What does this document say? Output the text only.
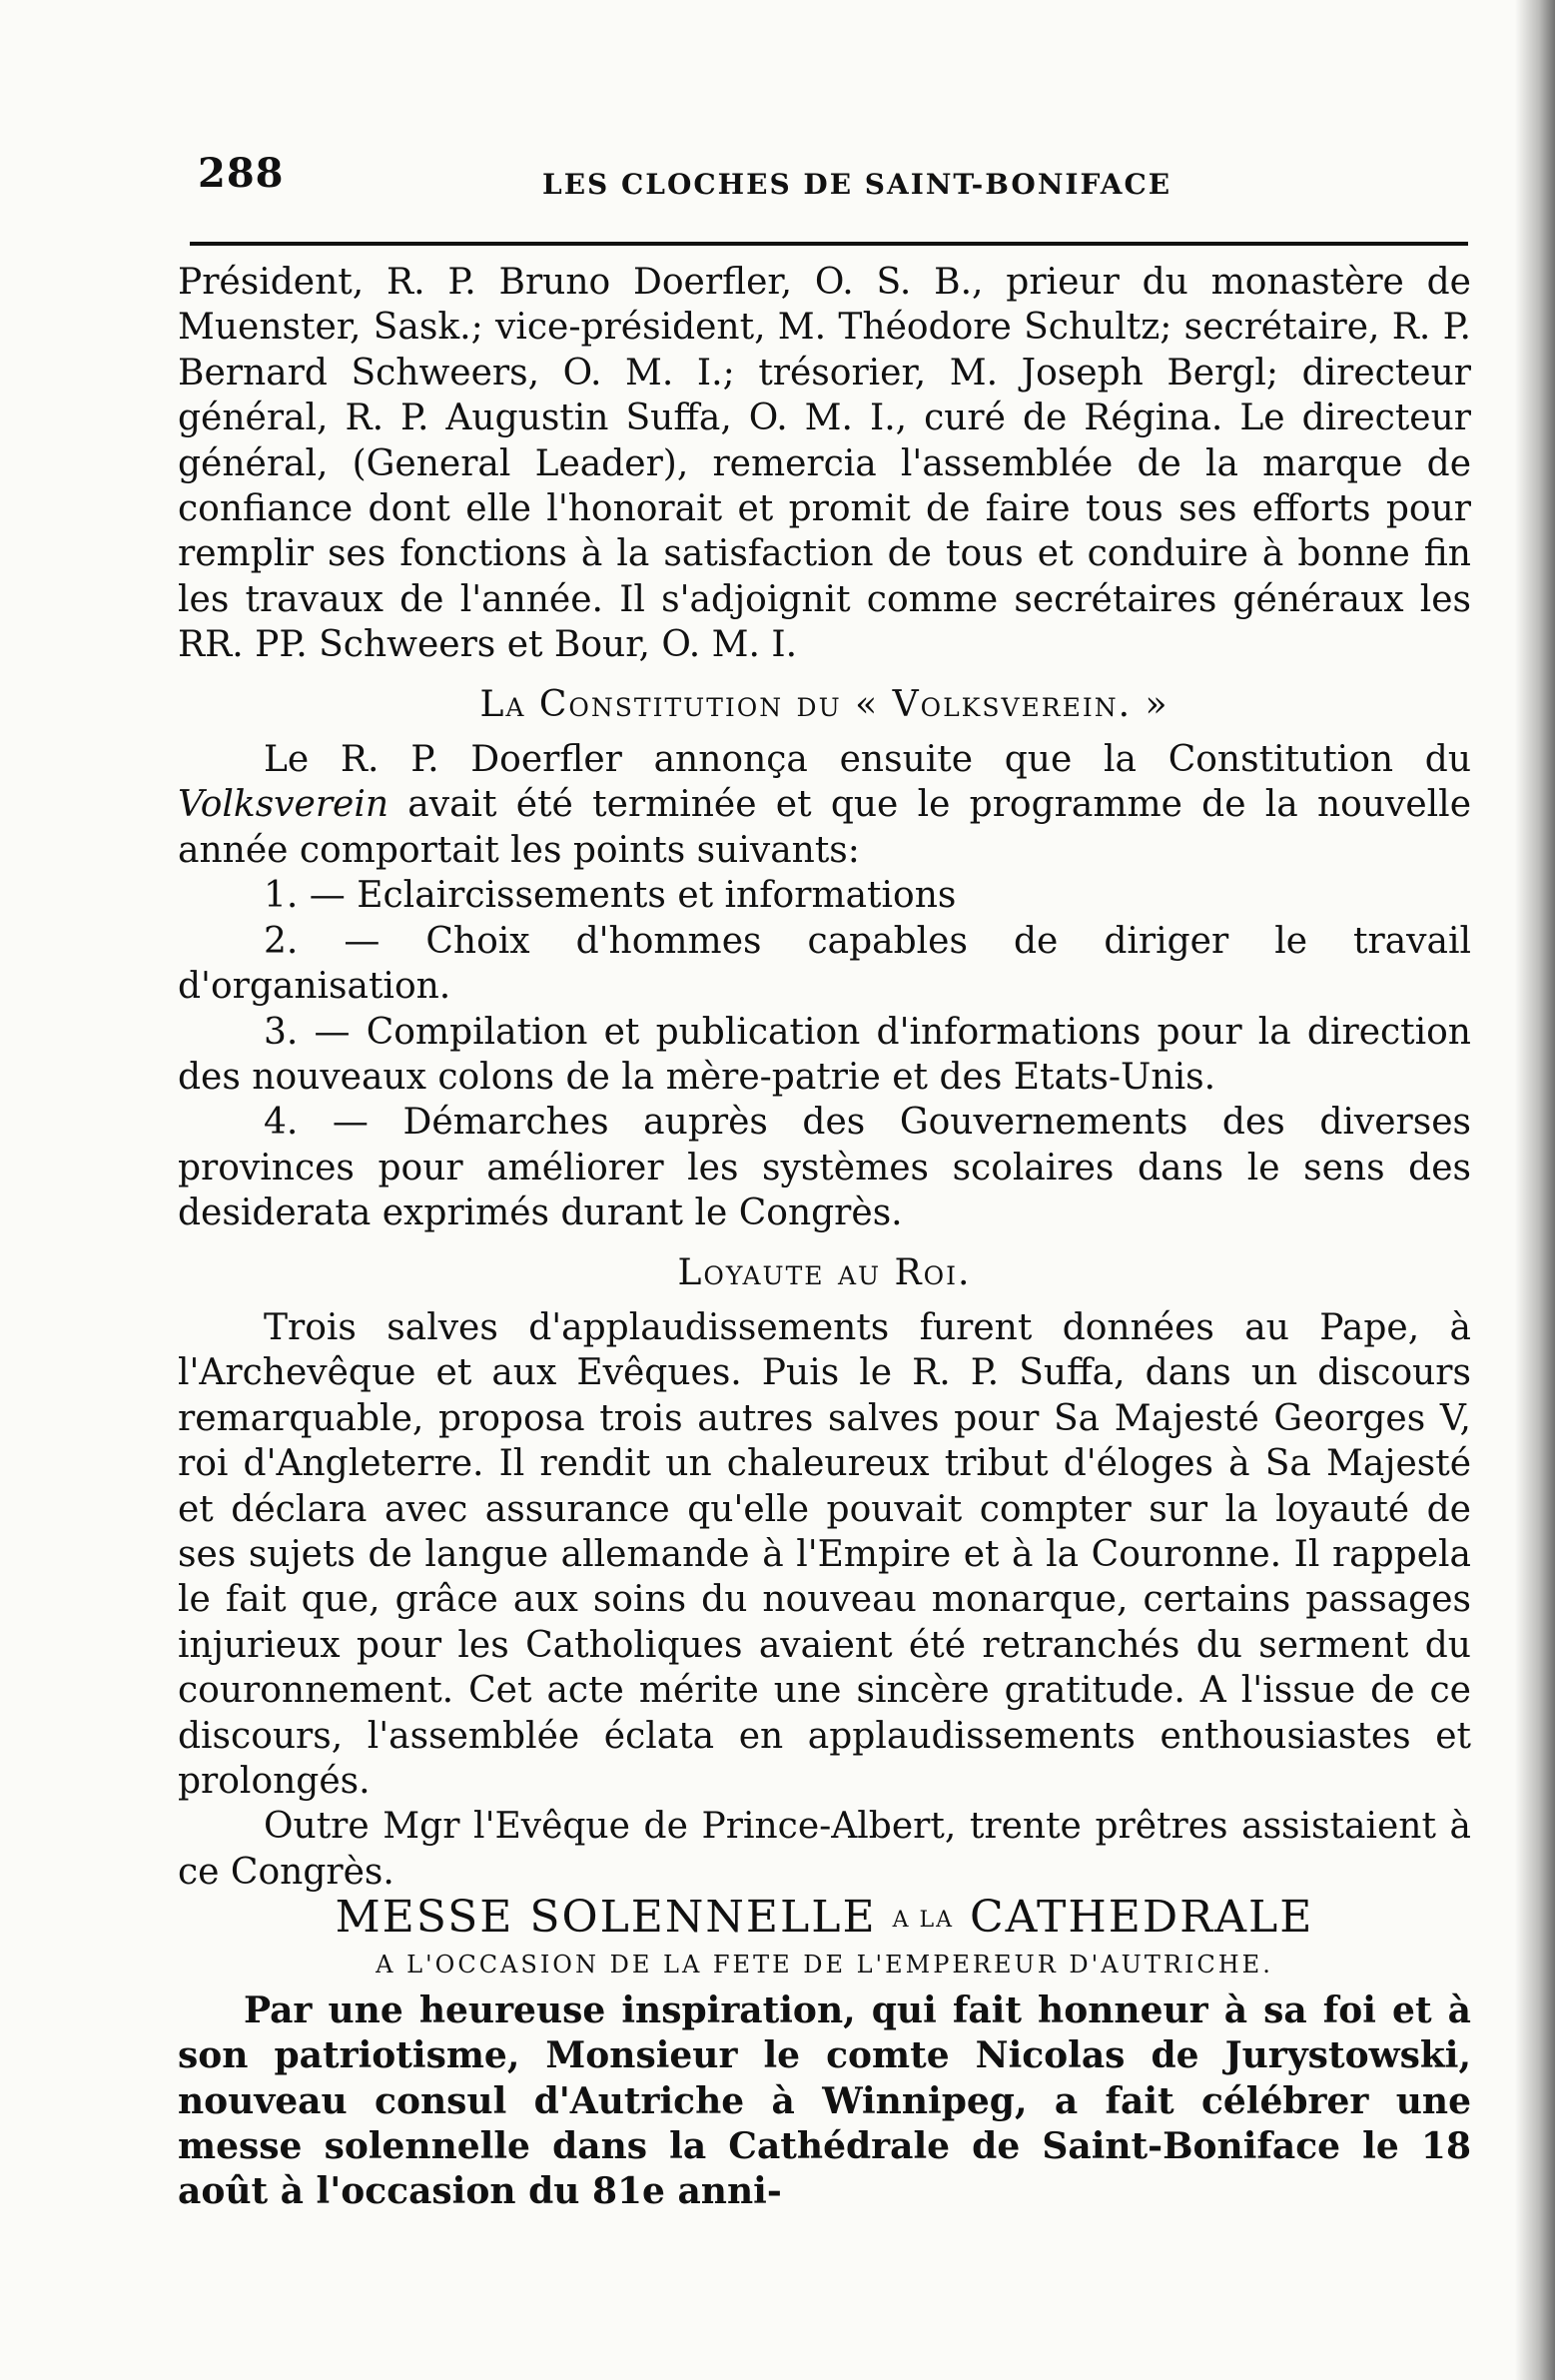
288	LES CLOCHES DE SAINT-BONIFACE

Président, R. P. Bruno Doerfler, O. S. B., prieur du monastère de Muenster, Sask.; vice-président, M. Théodore Schultz; secrétaire, R. P. Bernard Schweers, O. M. I.; trésorier, M. Joseph Bergl; directeur général, R. P. Augustin Suffa, O. M. I., curé de Régina. Le directeur général, (General Leader), remercia l'assemblée de la marque de confiance dont elle l'honorait et promit de faire tous ses efforts pour remplir ses fonctions à la satisfaction de tous et conduire à bonne fin les travaux de l'année. Il s'adjoignit comme secrétaires généraux les RR. PP. Schweers et Bour, O. M. I.

La Constitution du « Volksverein. »

Le R. P. Doerfler annonça ensuite que la Constitution du Volksverein avait été terminée et que le programme de la nouvelle année comportait les points suivants:

1. — Eclaircissements et informations

2. — Choix d'hommes capables de diriger le travail d'organisation.

3. — Compilation et publication d'informations pour la direction des nouveaux colons de la mère-patrie et des Etats-Unis.

4. — Démarches auprès des Gouvernements des diverses provinces pour améliorer les systèmes scolaires dans le sens des desiderata exprimés durant le Congrès.

Loyaute au Roi.

Trois salves d'applaudissements furent données au Pape, à l'Archevêque et aux Evêques. Puis le R. P. Suffa, dans un discours remarquable, proposa trois autres salves pour Sa Majesté Georges V, roi d'Angleterre. Il rendit un chaleureux tribut d'éloges à Sa Majesté et déclara avec assurance qu'elle pouvait compter sur la loyauté de ses sujets de langue allemande à l'Empire et à la Couronne. Il rappela le fait que, grâce aux soins du nouveau monarque, certains passages injurieux pour les Catholiques avaient été retranchés du serment du couronnement. Cet acte mérite une sincère gratitude. A l'issue de ce discours, l'assemblée éclata en applaudissements enthousiastes et prolongés.

Outre Mgr l'Evêque de Prince-Albert, trente prêtres assistaient à ce Congrès.

MESSE SOLENNELLE A LA CATHEDRALE

A L'OCCASION DE LA FETE DE L'EMPEREUR D'AUTRICHE.

Par une heureuse inspiration, qui fait honneur à sa foi et à son patriotisme, Monsieur le comte Nicolas de Jurystowski, nouveau consul d'Autriche à Winnipeg, a fait célébrer une messe solennelle dans la Cathédrale de Saint-Boniface le 18 août à l'occasion du 81e anni-
